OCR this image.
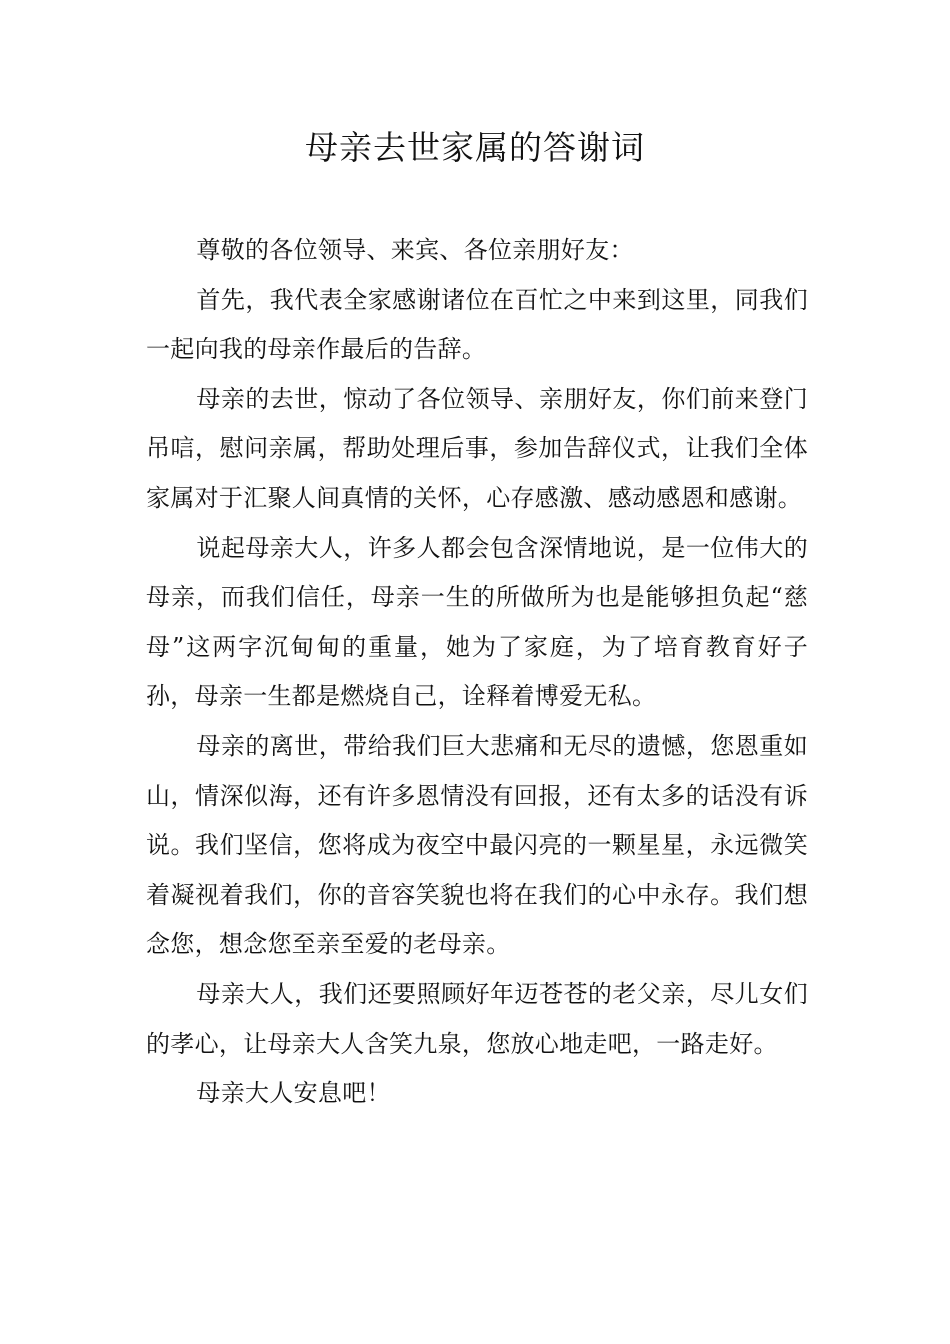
母亲去世家属的答谢词

尊敬的各位领导、来宾、各位亲朋好友：

首先，我代表全家感谢诸位在百忙之中来到这里，同我们一起向我的母亲作最后的告辞。

母亲的去世，惊动了各位领导、亲朋好友，你们前来登门吊唁，慰问亲属，帮助处理后事，参加告辞仪式，让我们全体家属对于汇聚人间真情的关怀，心存感激、感动感恩和感谢。

说起母亲大人，许多人都会包含深情地说，是一位伟大的母亲，而我们信任，母亲一生的所做所为也是能够担负起“慈母”这两字沉甸甸的重量，她为了家庭，为了培育教育好子孙，母亲一生都是燃烧自己，诠释着博爱无私。

母亲的离世，带给我们巨大悲痛和无尽的遗憾，您恩重如山，情深似海，还有许多恩情没有回报，还有太多的话没有诉说。我们坚信，您将成为夜空中最闪亮的一颗星星，永远微笑着凝视着我们，你的音容笑貌也将在我们的心中永存。我们想念您，想念您至亲至爱的老母亲。

母亲大人，我们还要照顾好年迈苍苍的老父亲，尽儿女们的孝心，让母亲大人含笑九泉，您放心地走吧，一路走好。

母亲大人安息吧！
